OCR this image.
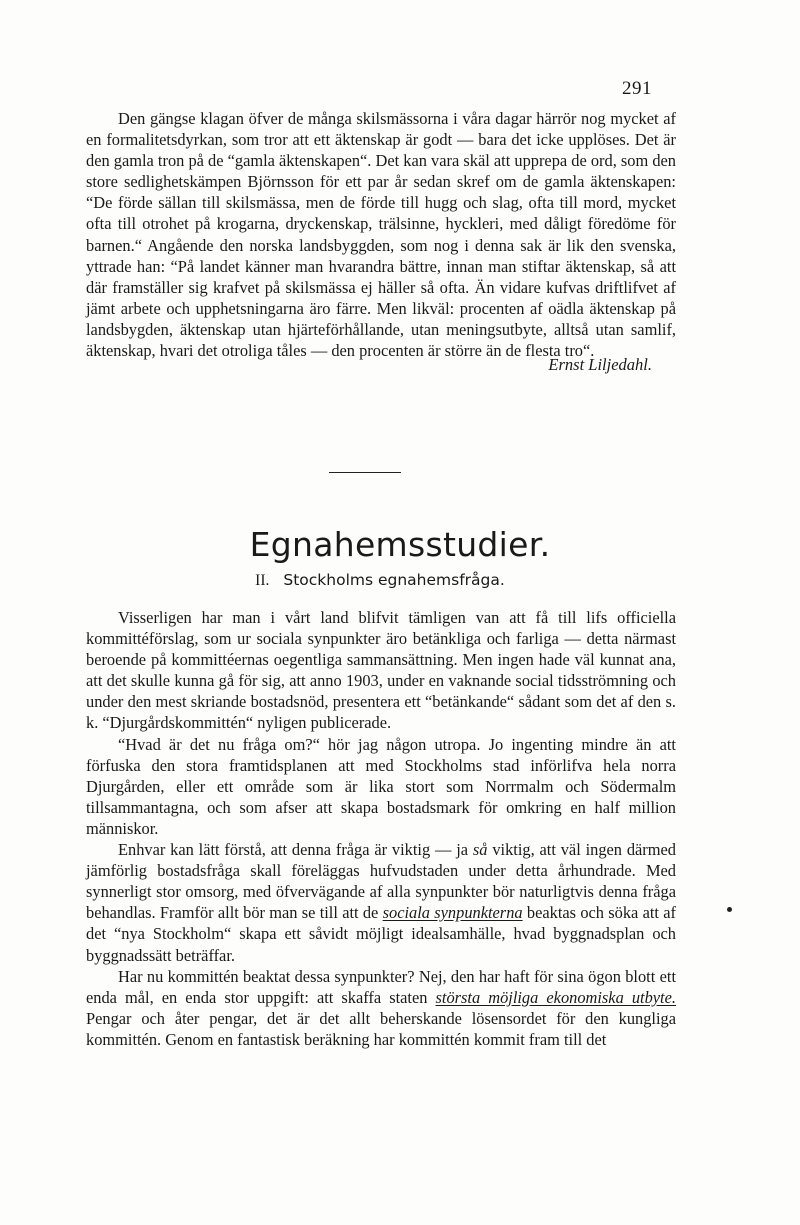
291

Den gängse klagan öfver de många skilsmässorna i våra dagar härrör nog mycket af en formalitetsdyrkan, som tror att ett äktenskap är godt — bara det icke upplöses. Det är den gamla tron på de “gamla äktenskapen“. Det kan vara skäl att upprepa de ord, som den store sedlighetskämpen Björnsson för ett par år sedan skref om de gamla äktenskapen: “De förde sällan till skilsmässa, men de förde till hugg och slag, ofta till mord, mycket ofta till otrohet på krogarna, dryckenskap, trälsinne, hyckleri, med dåligt föredöme för barnen.“ Angående den norska landsbyggden, som nog i denna sak är lik den svenska, yttrade han: “På landet känner man hvarandra bättre, innan man stiftar äktenskap, så att där framställer sig krafvet på skilsmässa ej häller så ofta. Än vidare kufvas driftlifvet af jämt arbete och upphetsningarna äro färre. Men likväl: procenten af oädla äktenskap på landsbygden, äktenskap utan hjärteförhållande, utan meningsutbyte, alltså utan samlif, äktenskap, hvari det otroliga tåles — den procenten är större än de flesta tro“.

Ernst Liljedahl.
Egnahemsstudier.
II. Stockholms egnahemsfråga.

Visserligen har man i vårt land blifvit tämligen van att få till lifs officiella kommittéförslag, som ur sociala synpunkter äro betänkliga och farliga — detta närmast beroende på kommittéernas oegentliga sammansättning. Men ingen hade väl kunnat ana, att det skulle kunna gå för sig, att anno 1903, under en vaknande social tidsströmning och under den mest skriande bostadsnöd, presentera ett “betänkande“ sådant som det af den s. k. “Djurgårdskommittén“ nyligen publicerade.

“Hvad är det nu fråga om?“ hör jag någon utropa. Jo ingenting mindre än att förfuska den stora framtidsplanen att med Stockholms stad införlifva hela norra Djurgården, eller ett område som är lika stort som Norrmalm och Södermalm tillsammantagna, och som afser att skapa bostadsmark för omkring en half million människor.

Enhvar kan lätt förstå, att denna fråga är viktig — ja så viktig, att väl ingen därmed jämförlig bostadsfråga skall föreläggas hufvudstaden under detta århundrade. Med synnerligt stor omsorg, med öfvervägande af alla synpunkter bör naturligtvis denna fråga behandlas. Framför allt bör man se till att de sociala synpunkterna beaktas och söka att af det “nya Stockholm“ skapa ett såvidt möjligt idealsamhälle, hvad byggnadsplan och byggnadssätt beträffar.

Har nu kommittén beaktat dessa synpunkter? Nej, den har haft för sina ögon blott ett enda mål, en enda stor uppgift: att skaffa staten största möjliga ekonomiska utbyte. Pengar och åter pengar, det är det allt beherskande lösensordet för den kungliga kommittén. Genom en fantastisk beräkning har kommittén kommit fram till det
